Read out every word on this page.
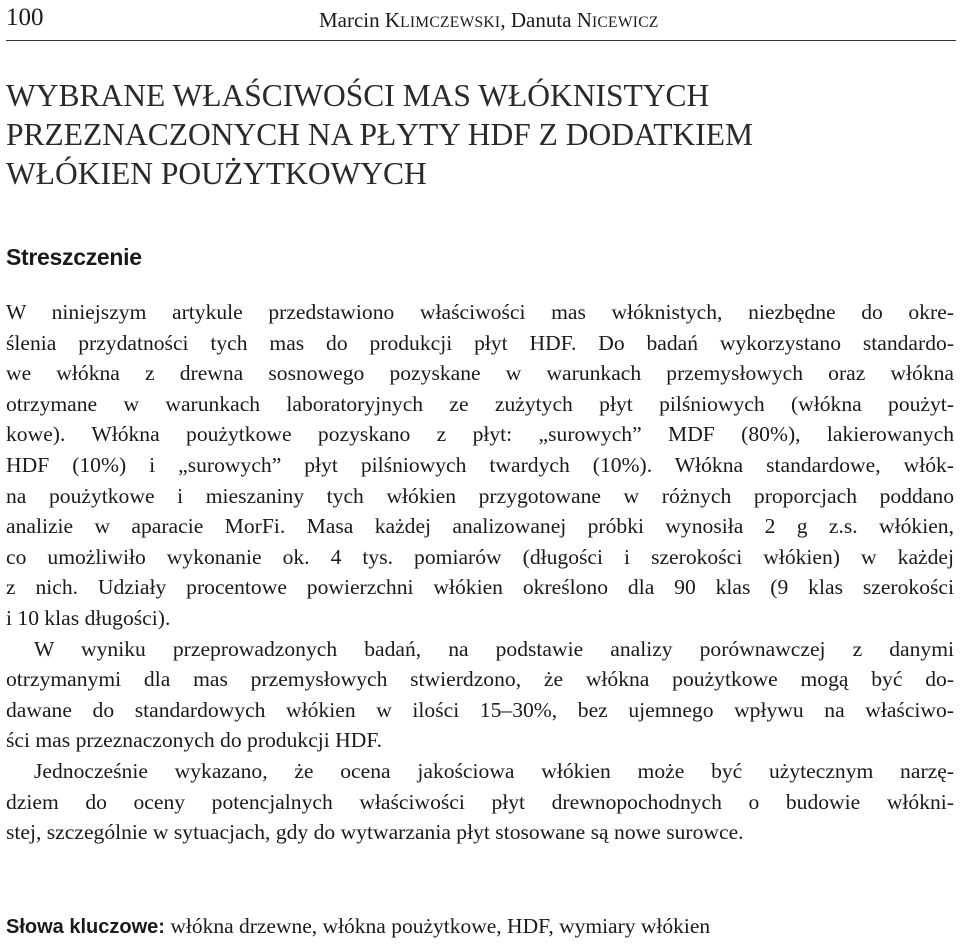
100	Marcin KLIMCZEWSKI, Danuta NICEWICZ
WYBRANE WŁAŚCIWOŚCI MAS WŁÓKNISTYCH
PRZEZNACZONYCH NA PŁYTY HDF Z DODATKIEM
WŁÓKIEN POUŻYTKOWYCH
Streszczenie
W niniejszym artykule przedstawiono właściwości mas włóknistych, niezbędne do okre-
ślenia przydatności tych mas do produkcji płyt HDF. Do badań wykorzystano standardo-
we włókna z drewna sosnowego pozyskane w warunkach przemysłowych oraz włókna
otrzymane w warunkach laboratoryjnych ze zużytych płyt pilśniowych (włókna poużyt-
kowe). Włókna poużytkowe pozyskano z płyt: „surowych” MDF (80%), lakierowanych
HDF (10%) i „surowych” płyt pilśniowych twardych (10%). Włókna standardowe, włók-
na poużytkowe i mieszaniny tych włókien przygotowane w różnych proporcjach poddano
analizie w aparacie MorFi. Masa każdej analizowanej próbki wynosiła 2 g z.s. włókien,
co umożliwiło wykonanie ok. 4 tys. pomiarów (długości i szerokości włókien) w każdej
z nich. Udziały procentowe powierzchni włókien określono dla 90 klas (9 klas szerokości
i 10 klas długości).
W wyniku przeprowadzonych badań, na podstawie analizy porównawczej z danymi
otrzymanymi dla mas przemysłowych stwierdzono, że włókna poużytkowe mogą być do-
dawane do standardowych włókien w ilości 15–30%, bez ujemnego wpływu na właściwo-
ści mas przeznaczonych do produkcji HDF.
Jednocześnie wykazano, że ocena jakościowa włókien może być użytecznym narzę-
dziem do oceny potencjalnych właściwości płyt drewnopochodnych o budowie włókni-
stej, szczególnie w sytuacjach, gdy do wytwarzania płyt stosowane są nowe surowce.
Słowa kluczowe: włókna drzewne, włókna poużytkowe, HDF, wymiary włókien
